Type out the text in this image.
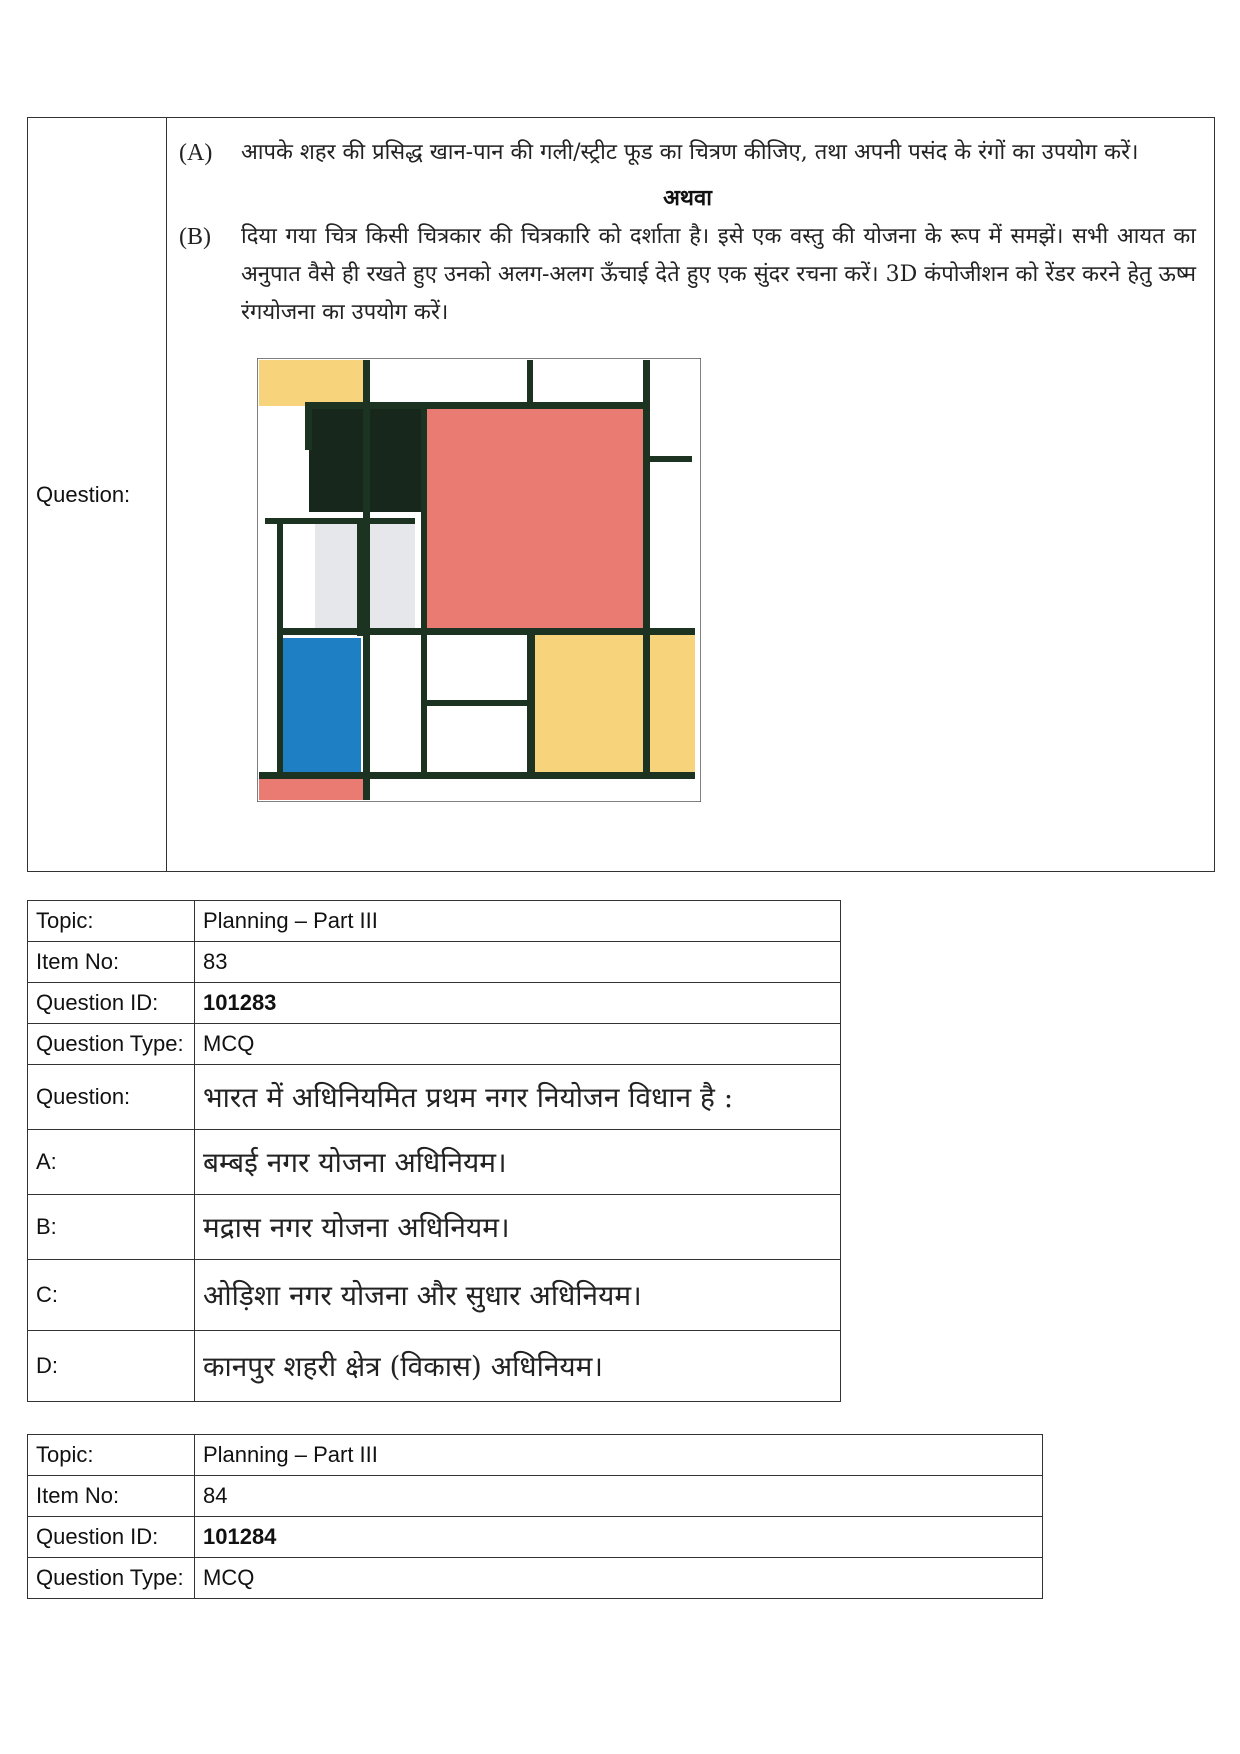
Question:	
(A)	आपके शहर की प्रसिद्ध खान-पान की गली/स्ट्रीट फूड का चित्रण कीजिए, तथा अपनी पसंद के रंगों का उपयोग करें।
अथवा
(B)	दिया गया चित्र किसी चित्रकार की चित्रकारि को दर्शाता है। इसे एक वस्तु की योजना के रूप में समझें। सभी आयत का अनुपात वैसे ही रखते हुए उनको अलग-अलग ऊँचाई देते हुए एक सुंदर रचना करें। 3D कंपोजीशन को रेंडर करने हेतु ऊष्म रंगयोजना का उपयोग करें।
Topic:	Planning – Part III
Item No:	83
Question ID:	101283
Question Type:	MCQ
Question:	भारत में अधिनियमित प्रथम नगर नियोजन विधान है :
A:	बम्बई नगर योजना अधिनियम।
B:	मद्रास नगर योजना अधिनियम।
C:	ओड़िशा नगर योजना और सुधार अधिनियम।
D:	कानपुर शहरी क्षेत्र (विकास) अधिनियम।
Topic:	Planning – Part III
Item No:	84
Question ID:	101284
Question Type:	MCQ
